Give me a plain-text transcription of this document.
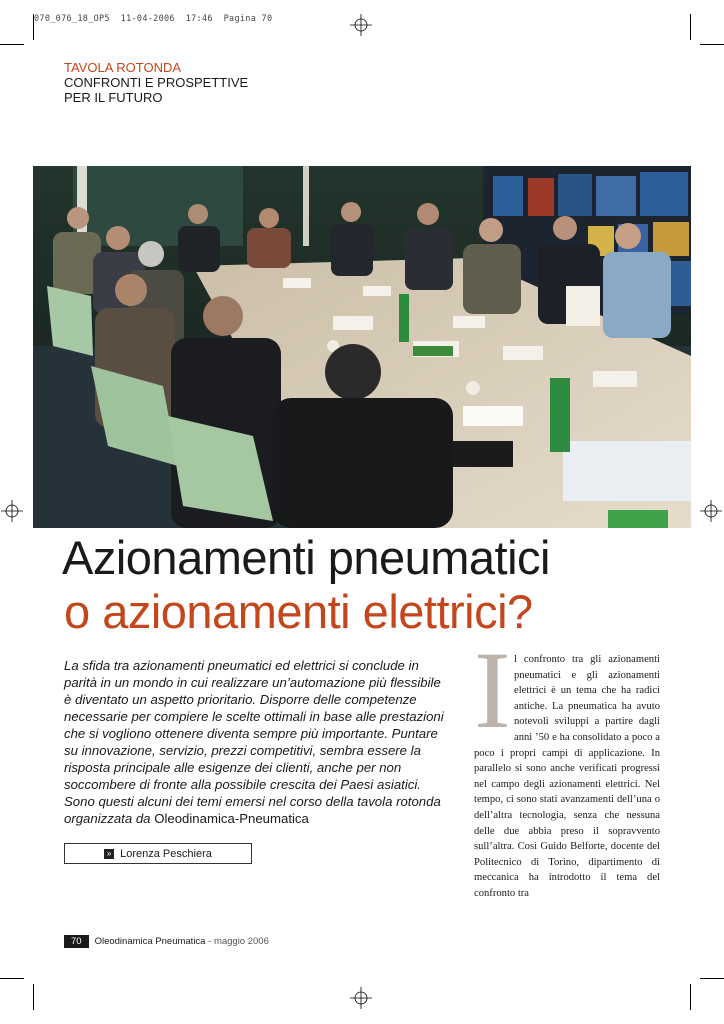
070_076_18_OP5  11-04-2006  17:46  Pagina 70
TAVOLA ROTONDA
CONFRONTI E PROSPETTIVE
PER IL FUTURO
Azionamenti pneumatici
o azionamenti elettrici?

La sfida tra azionamenti pneumatici ed elettrici si conclude in parità in un mondo in cui realizzare un’automazione più flessibile è diventato un aspetto prioritario. Disporre delle competenze necessarie per compiere le scelte ottimali in base alle prestazioni che si vogliono ottenere diventa sempre più importante. Puntare su innovazione, servizio, prezzi competitivi, sembra essere la risposta principale alle esigenze dei clienti, anche per non soccombere di fronte alla possibile crescita dei Paesi asiatici. Sono questi alcuni dei temi emersi nel corso della tavola rotonda organizzata da Oleodinamica-Pneumatica

» Lorenza Peschiera
I l confronto tra gli azionamenti pneumatici e gli azionamenti elettrici è un tema che ha radici antiche. La pneumatica ha avuto notevoli sviluppi a partire dagli anni ’50 e ha consolidato a poco a poco i propri campi di applicazione. In parallelo si sono anche verificati progressi nel campo degli azionamenti elettrici. Nel tempo, ci sono stati avanzamenti dell’una o dell’altra tecnologia, senza che nessuna delle due abbia preso il sopravvento sull’altra. Così Guido Belforte, docente del Politecnico di Torino, dipartimento di meccanica ha introdotto il tema del confronto tra
70	Oleodinamica Pneumatica - maggio 2006
